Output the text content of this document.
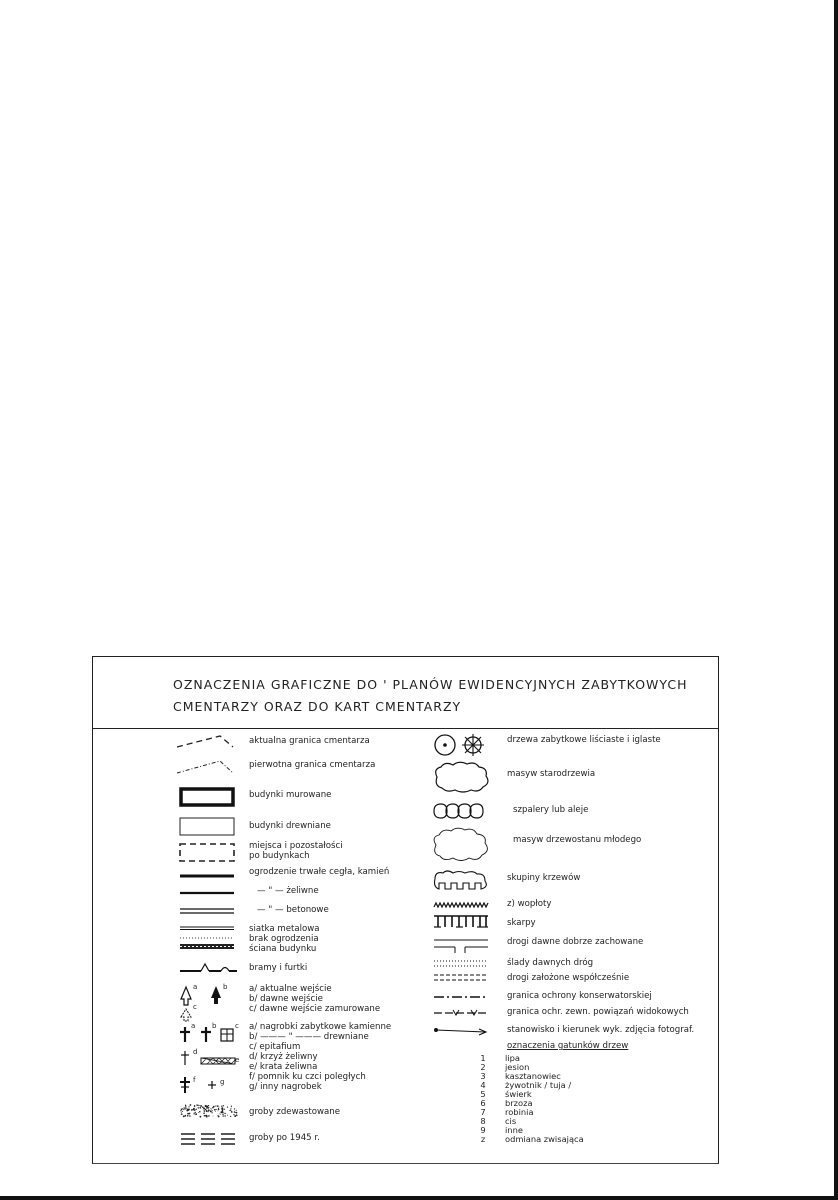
OZNACZENIA GRAFICZNE DO ' PLANÓW EWIDENCYJNYCH ZABYTKOWYCH
CMENTARZY ORAZ DO KART CMENTARZY
aktualna granica cmentarza
pierwotna granica cmentarza
budynki murowane
budynki drewniane
miejsca i pozostałości
po budynkach
ogrodzenie trwałe cegła, kamień
— " — żeliwne
— " — betonowe
siatka metalowa
brak ogrodzenia
ściana budynku
bramy i furtki
a	b
c
a/ aktualne wejście
b/ dawne wejście
c/ dawne wejście zamurowane
a b	c a/ nagrobki zabytkowe kamienne
b/ ——— " ——— drewniane
c/ epitafium
d
e
f	g
d/ krzyż żeliwny
e/ krata żeliwna
f/ pomnik ku czci poległych
g/ inny nagrobek
groby zdewastowane
groby po 1945 r.
drzewa zabytkowe liściaste i iglaste
masyw starodrzewia
szpalery lub aleje
masyw drzewostanu młodego
skupiny krzewów
z) wopłoty
skarpy
drogi dawne dobrze zachowane
ślady dawnych dróg
drogi założone współcześnie
granica ochrony konserwatorskiej
granica ochr. zewn. powiązań widokowych
stanowisko i kierunek wyk. zdjęcia fotograf.
oznaczenia gatunków drzew
1 lipa
2 jesion
3 kasztanowiec
4 żywotnik / tuja /
5 świerk
6 brzoza
7 robinia
8 cis
9 inne
z	odmiana zwisająca
